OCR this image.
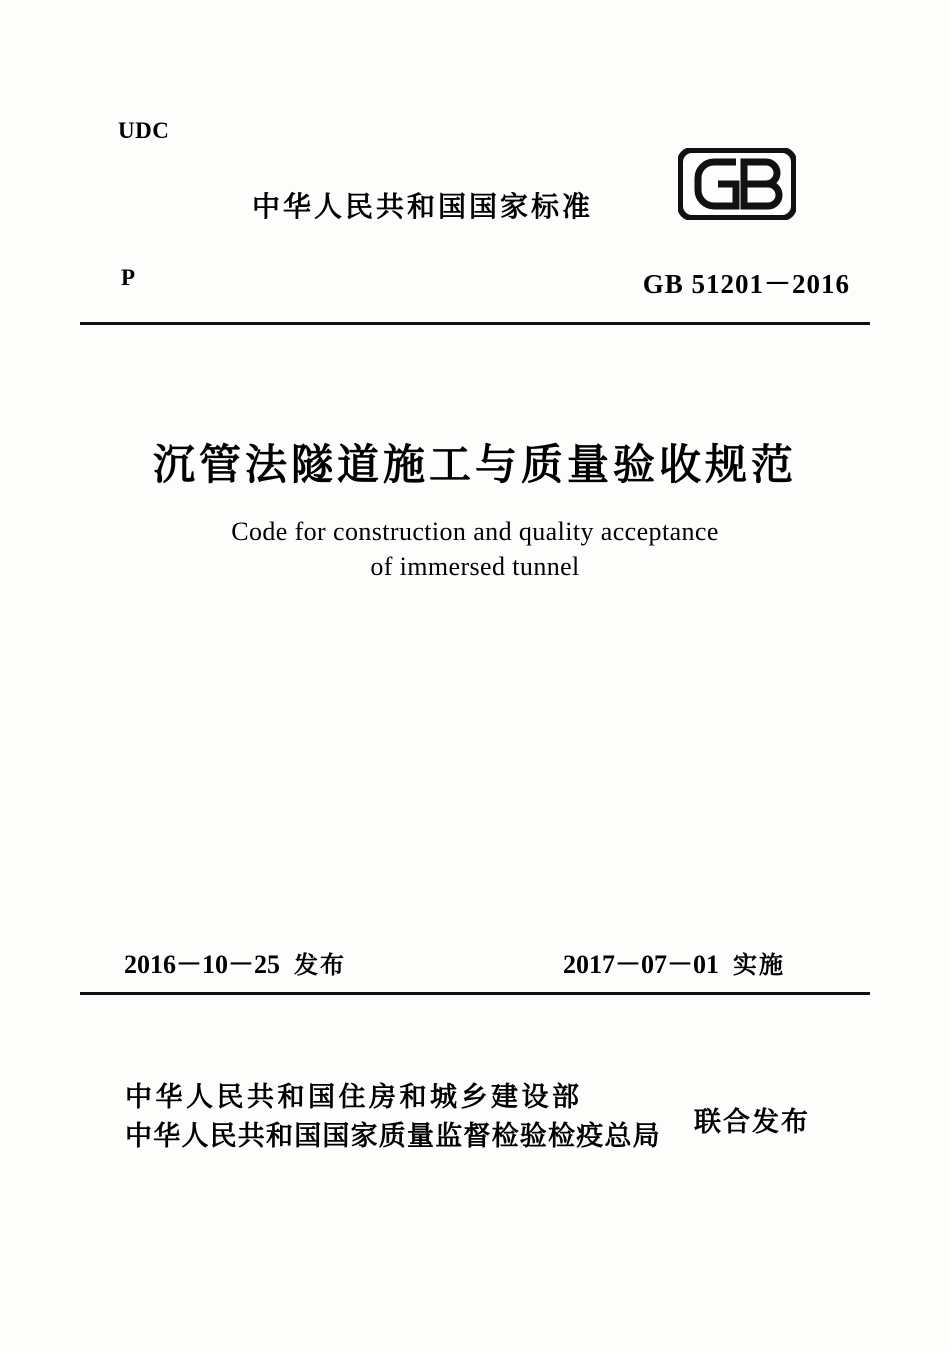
UDC
中华人民共和国国家标准
P	GB 51201－2016
沉管法隧道施工与质量验收规范
Code for construction and quality acceptance
of immersed tunnel
2016－10－25 发布	2017－07－01 实施
中华人民共和国住房和城乡建设部
中华人民共和国国家质量监督检验检疫总局 联合发布
